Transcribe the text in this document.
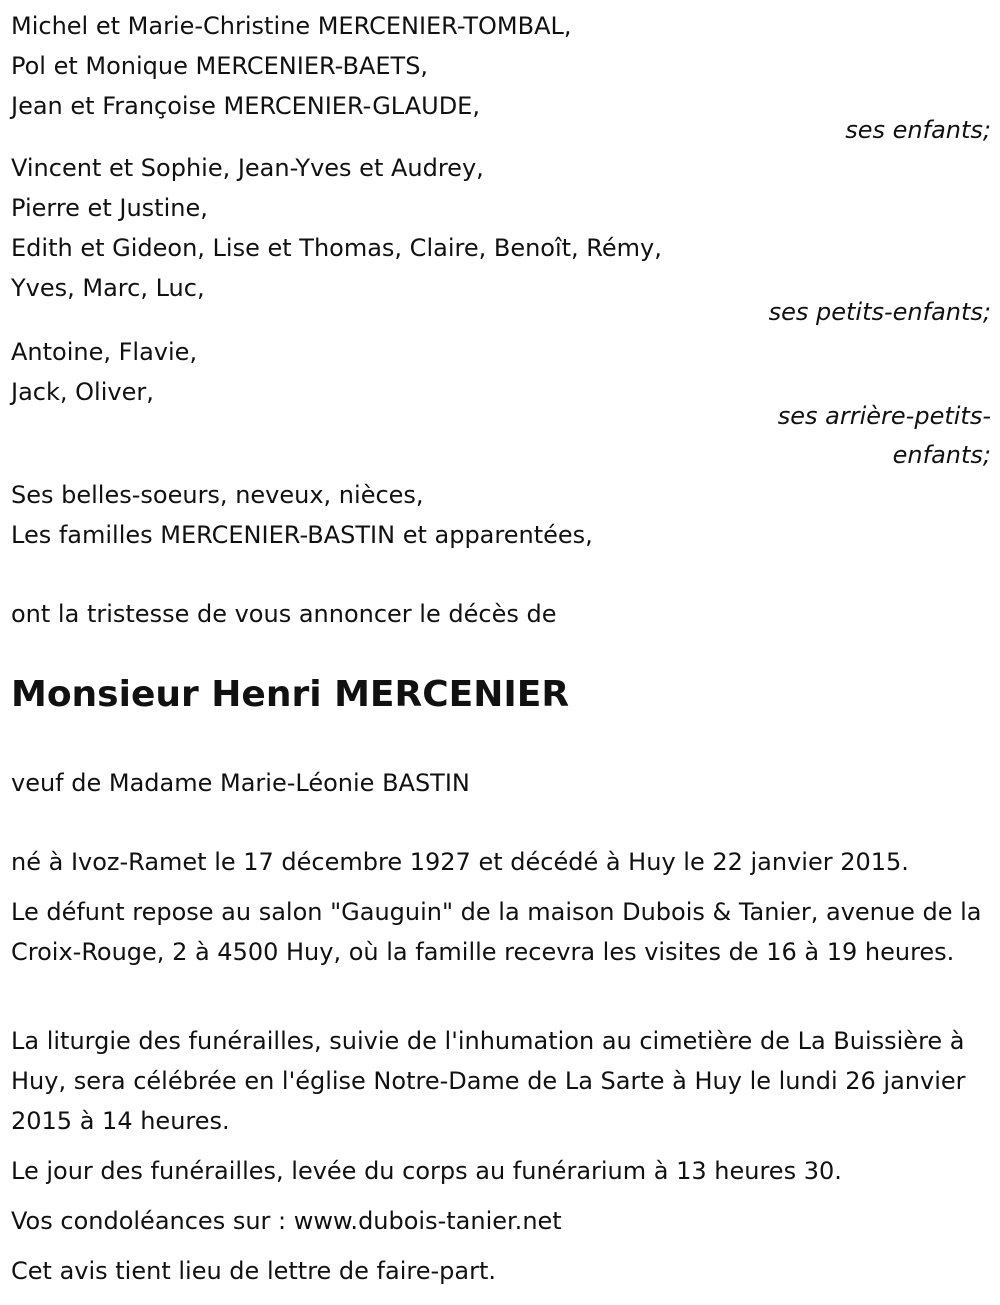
Michel et Marie-Christine MERCENIER-TOMBAL,
Pol et Monique MERCENIER-BAETS,
Jean et Françoise MERCENIER-GLAUDE,
ses enfants;
Vincent et Sophie, Jean-Yves et Audrey,
Pierre et Justine,
Edith et Gideon, Lise et Thomas, Claire, Benoît, Rémy,
Yves, Marc, Luc,
ses petits-enfants;
Antoine, Flavie,
Jack, Oliver,
ses arrière-petits-
enfants;
Ses belles-soeurs, neveux, nièces,
Les familles MERCENIER-BASTIN et apparentées,
ont la tristesse de vous annoncer le décès de
Monsieur Henri MERCENIER
veuf de Madame Marie-Léonie BASTIN
né à Ivoz-Ramet le 17 décembre 1927 et décédé à Huy le 22 janvier 2015.
Le défunt repose au salon "Gauguin" de la maison Dubois & Tanier, avenue de la Croix-Rouge, 2 à 4500 Huy, où la famille recevra les visites de 16 à 19 heures.
La liturgie des funérailles, suivie de l'inhumation au cimetière de La Buissière à Huy, sera célébrée en l'église Notre-Dame de La Sarte à Huy le lundi 26 janvier 2015 à 14 heures.
Le jour des funérailles, levée du corps au funérarium à 13 heures 30.
Vos condoléances sur : www.dubois-tanier.net
Cet avis tient lieu de lettre de faire-part.
